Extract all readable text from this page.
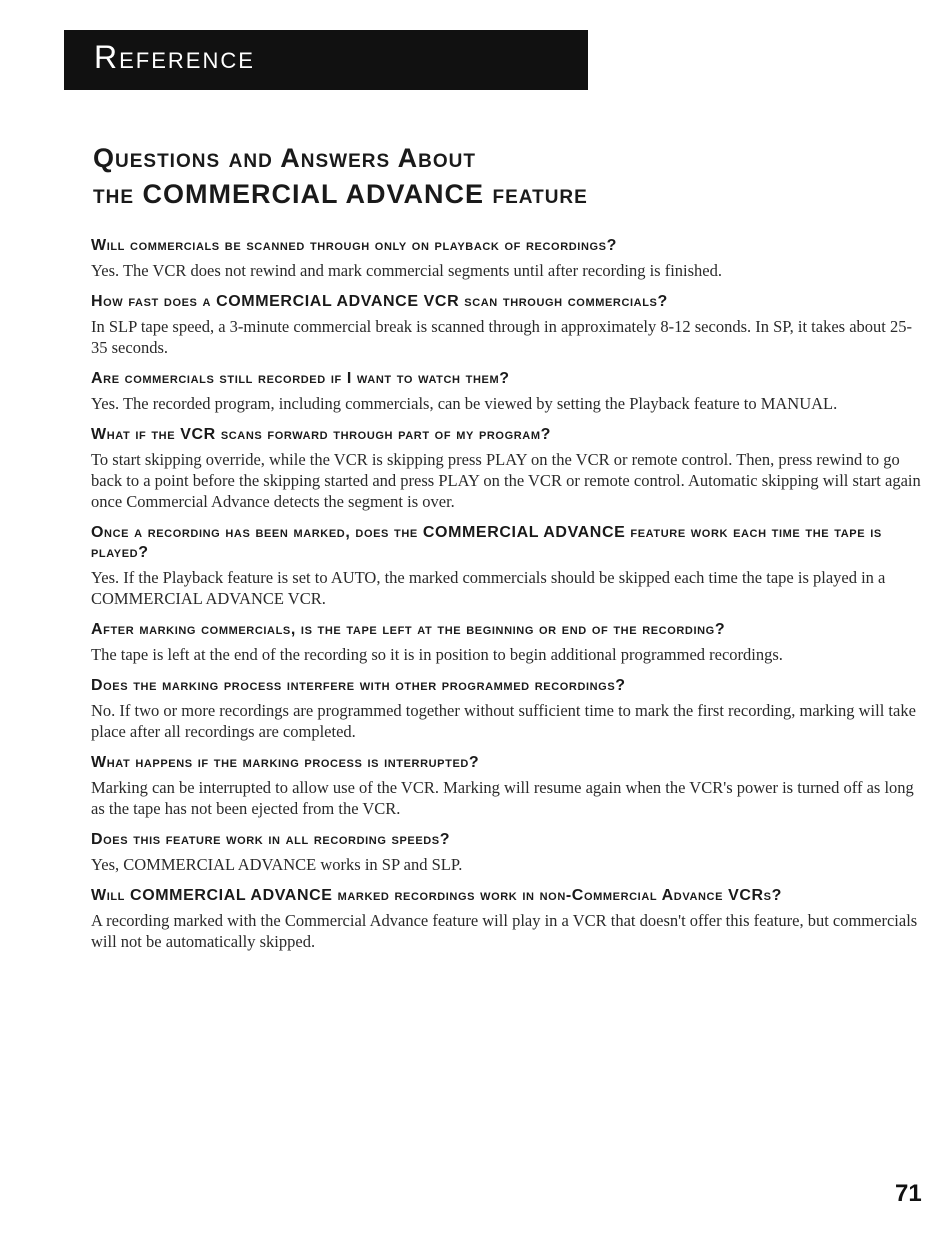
Reference
Questions and Answers About
the COMMERCIAL ADVANCE feature

Will commercials be scanned through only on playback of recordings?

Yes. The VCR does not rewind and mark commercial segments until after recording is finished.

How fast does a COMMERCIAL ADVANCE VCR scan through commercials?

In SLP tape speed, a 3-minute commercial break is scanned through in approximately 8-12 seconds. In SP, it takes about 25-35 seconds.

Are commercials still recorded if I want to watch them?

Yes. The recorded program, including commercials, can be viewed by setting the Playback feature to MANUAL.

What if the VCR scans forward through part of my program?

To start skipping override, while the VCR is skipping press PLAY on the VCR or remote control. Then, press rewind to go back to a point before the skipping started and press PLAY on the VCR or remote control. Automatic skipping will start again once Commercial Advance detects the segment is over.

Once a recording has been marked, does the COMMERCIAL ADVANCE feature work each time the tape is played?

Yes. If the Playback feature is set to AUTO, the marked commercials should be skipped each time the tape is played in a COMMERCIAL ADVANCE VCR.

After marking commercials, is the tape left at the beginning or end of the recording?

The tape is left at the end of the recording so it is in position to begin additional programmed recordings.

Does the marking process interfere with other programmed recordings?

No. If two or more recordings are programmed together without sufficient time to mark the first recording, marking will take place after all recordings are completed.

What happens if the marking process is interrupted?

Marking can be interrupted to allow use of the VCR. Marking will resume again when the VCR's power is turned off as long as the tape has not been ejected from the VCR.

Does this feature work in all recording speeds?

Yes, COMMERCIAL ADVANCE works in SP and SLP.

Will COMMERCIAL ADVANCE marked recordings work in non-Commercial Advance VCRs?

A recording marked with the Commercial Advance feature will play in a VCR that doesn't offer this feature, but commercials will not be automatically skipped.

71
